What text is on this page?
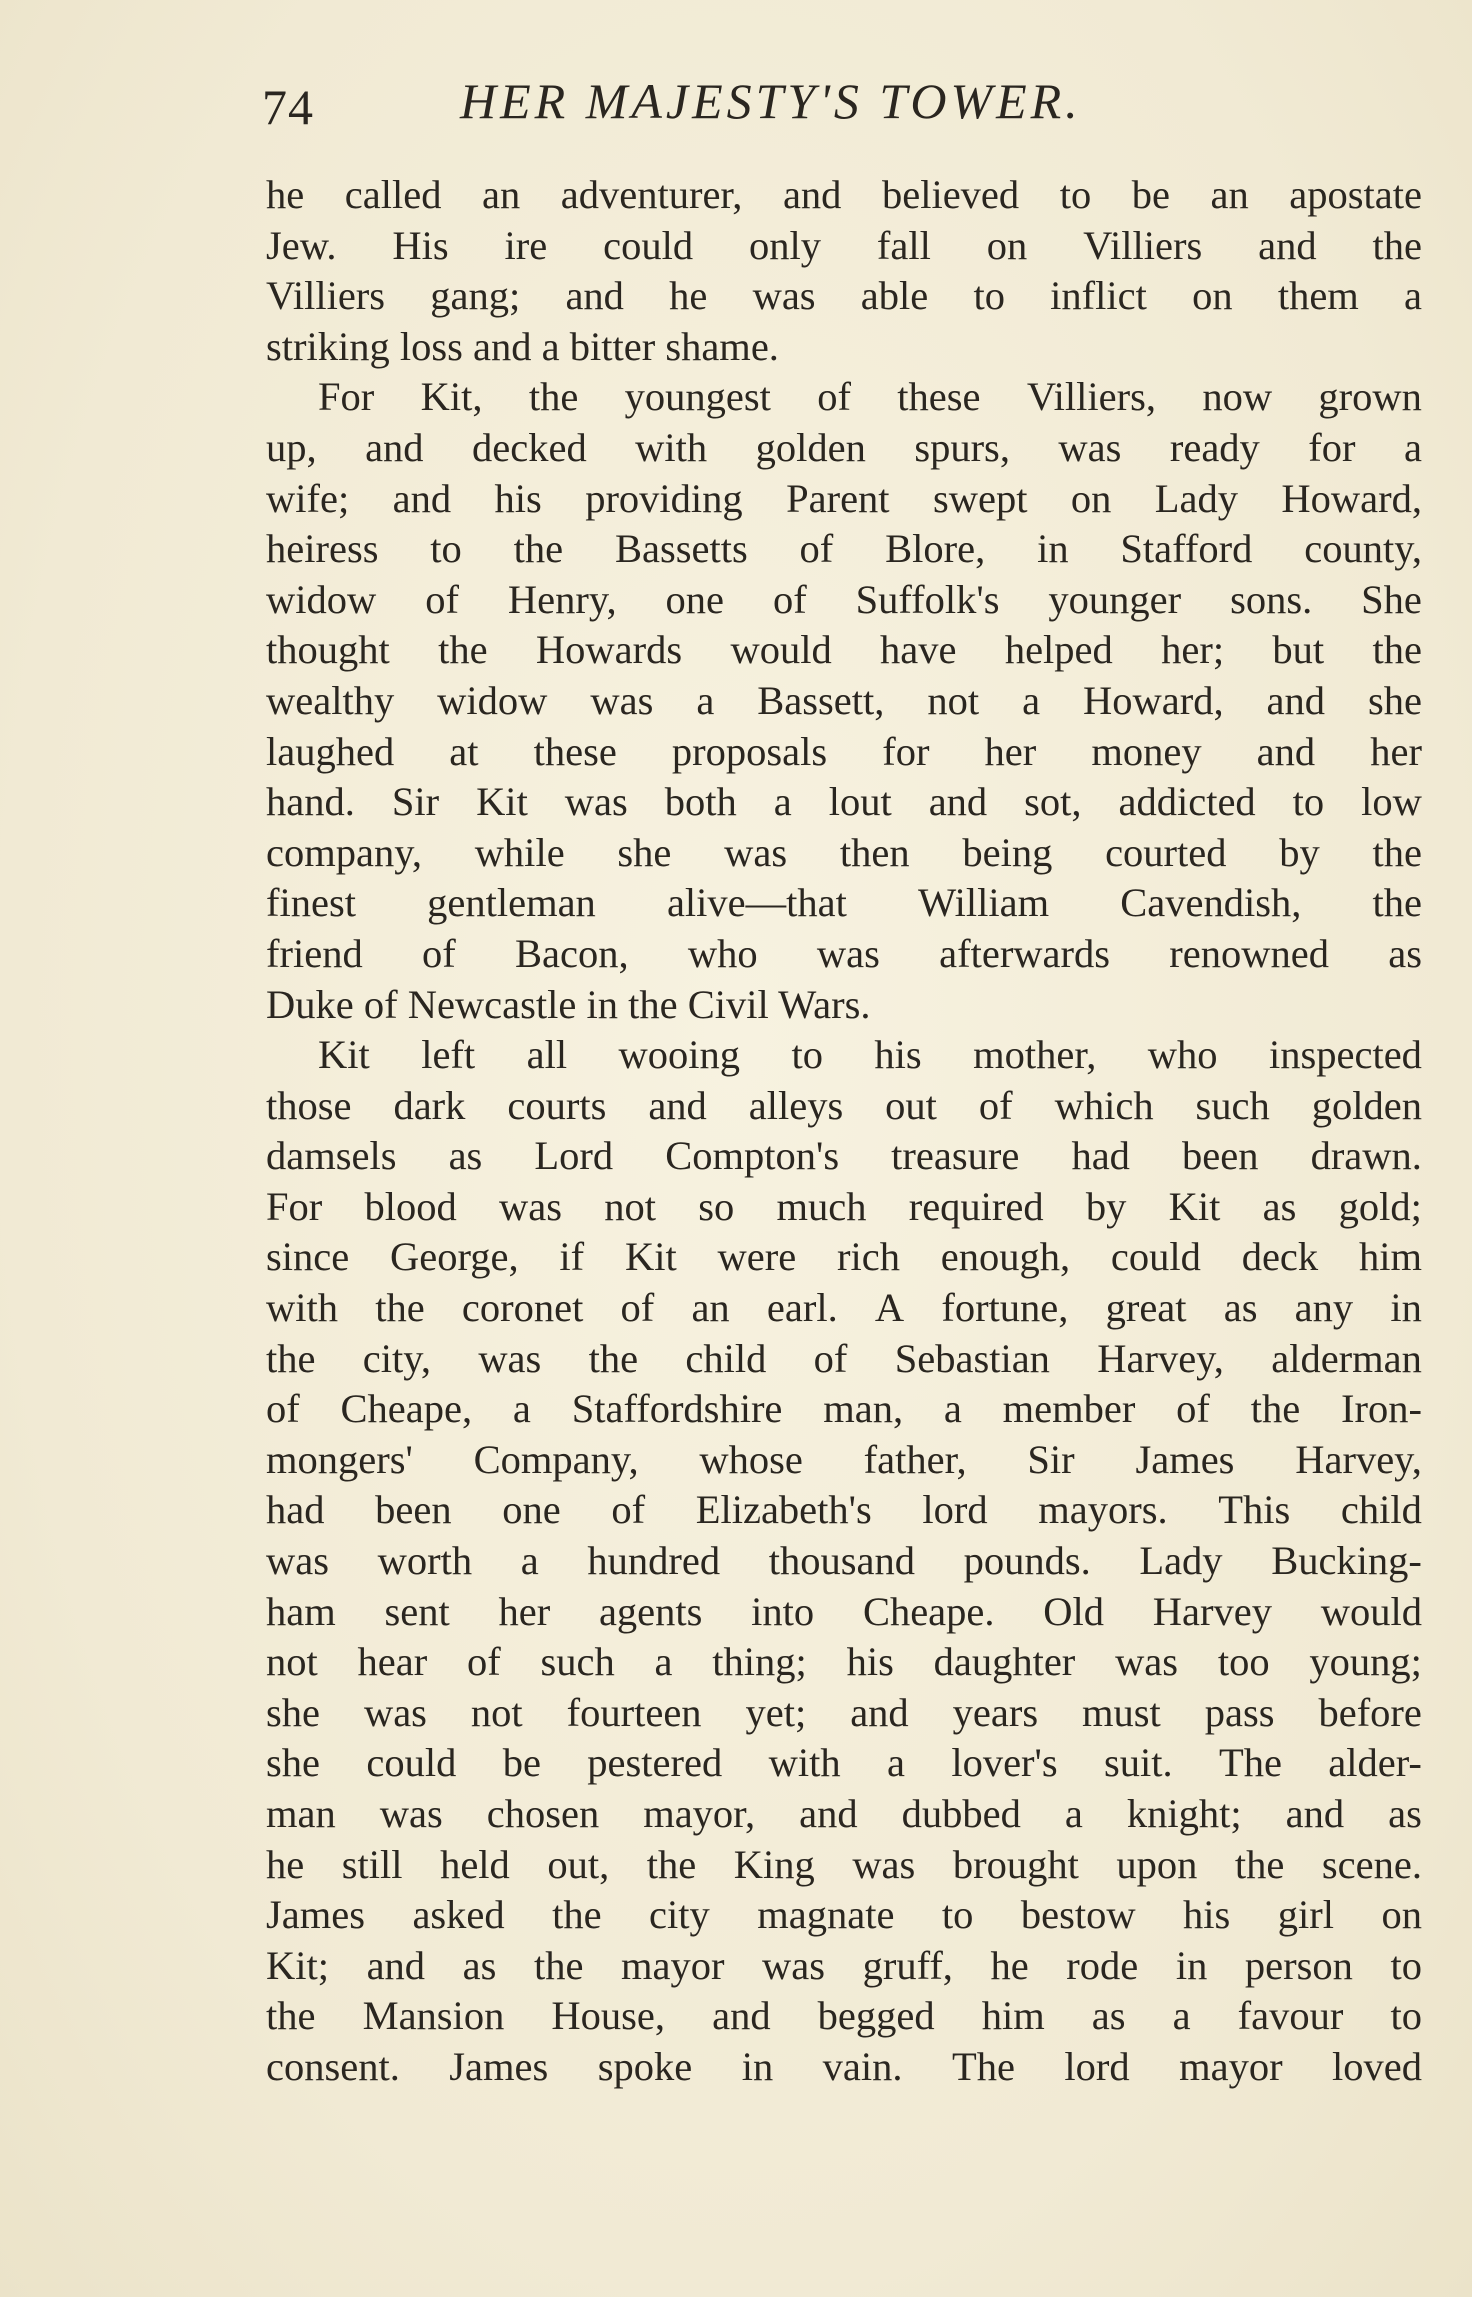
74	HER MAJESTY'S TOWER.
he called an adventurer, and believed to be an apostate
Jew. His ire could only fall on Villiers and the
Villiers gang; and he was able to inflict on them a
striking loss and a bitter shame.
For Kit, the youngest of these Villiers, now grown
up, and decked with golden spurs, was ready for a
wife; and his providing Parent swept on Lady Howard,
heiress to the Bassetts of Blore, in Stafford county,
widow of Henry, one of Suffolk's younger sons. She
thought the Howards would have helped her; but the
wealthy widow was a Bassett, not a Howard, and she
laughed at these proposals for her money and her
hand. Sir Kit was both a lout and sot, addicted to low
company, while she was then being courted by the
finest gentleman alive—that William Cavendish, the
friend of Bacon, who was afterwards renowned as
Duke of Newcastle in the Civil Wars.
Kit left all wooing to his mother, who inspected
those dark courts and alleys out of which such golden
damsels as Lord Compton's treasure had been drawn.
For blood was not so much required by Kit as gold;
since George, if Kit were rich enough, could deck him
with the coronet of an earl. A fortune, great as any in
the city, was the child of Sebastian Harvey, alderman
of Cheape, a Staffordshire man, a member of the Iron-
mongers' Company, whose father, Sir James Harvey,
had been one of Elizabeth's lord mayors. This child
was worth a hundred thousand pounds. Lady Bucking-
ham sent her agents into Cheape. Old Harvey would
not hear of such a thing; his daughter was too young;
she was not fourteen yet; and years must pass before
she could be pestered with a lover's suit. The alder-
man was chosen mayor, and dubbed a knight; and as
he still held out, the King was brought upon the scene.
James asked the city magnate to bestow his girl on
Kit; and as the mayor was gruff, he rode in person to
the Mansion House, and begged him as a favour to
consent. James spoke in vain. The lord mayor loved
